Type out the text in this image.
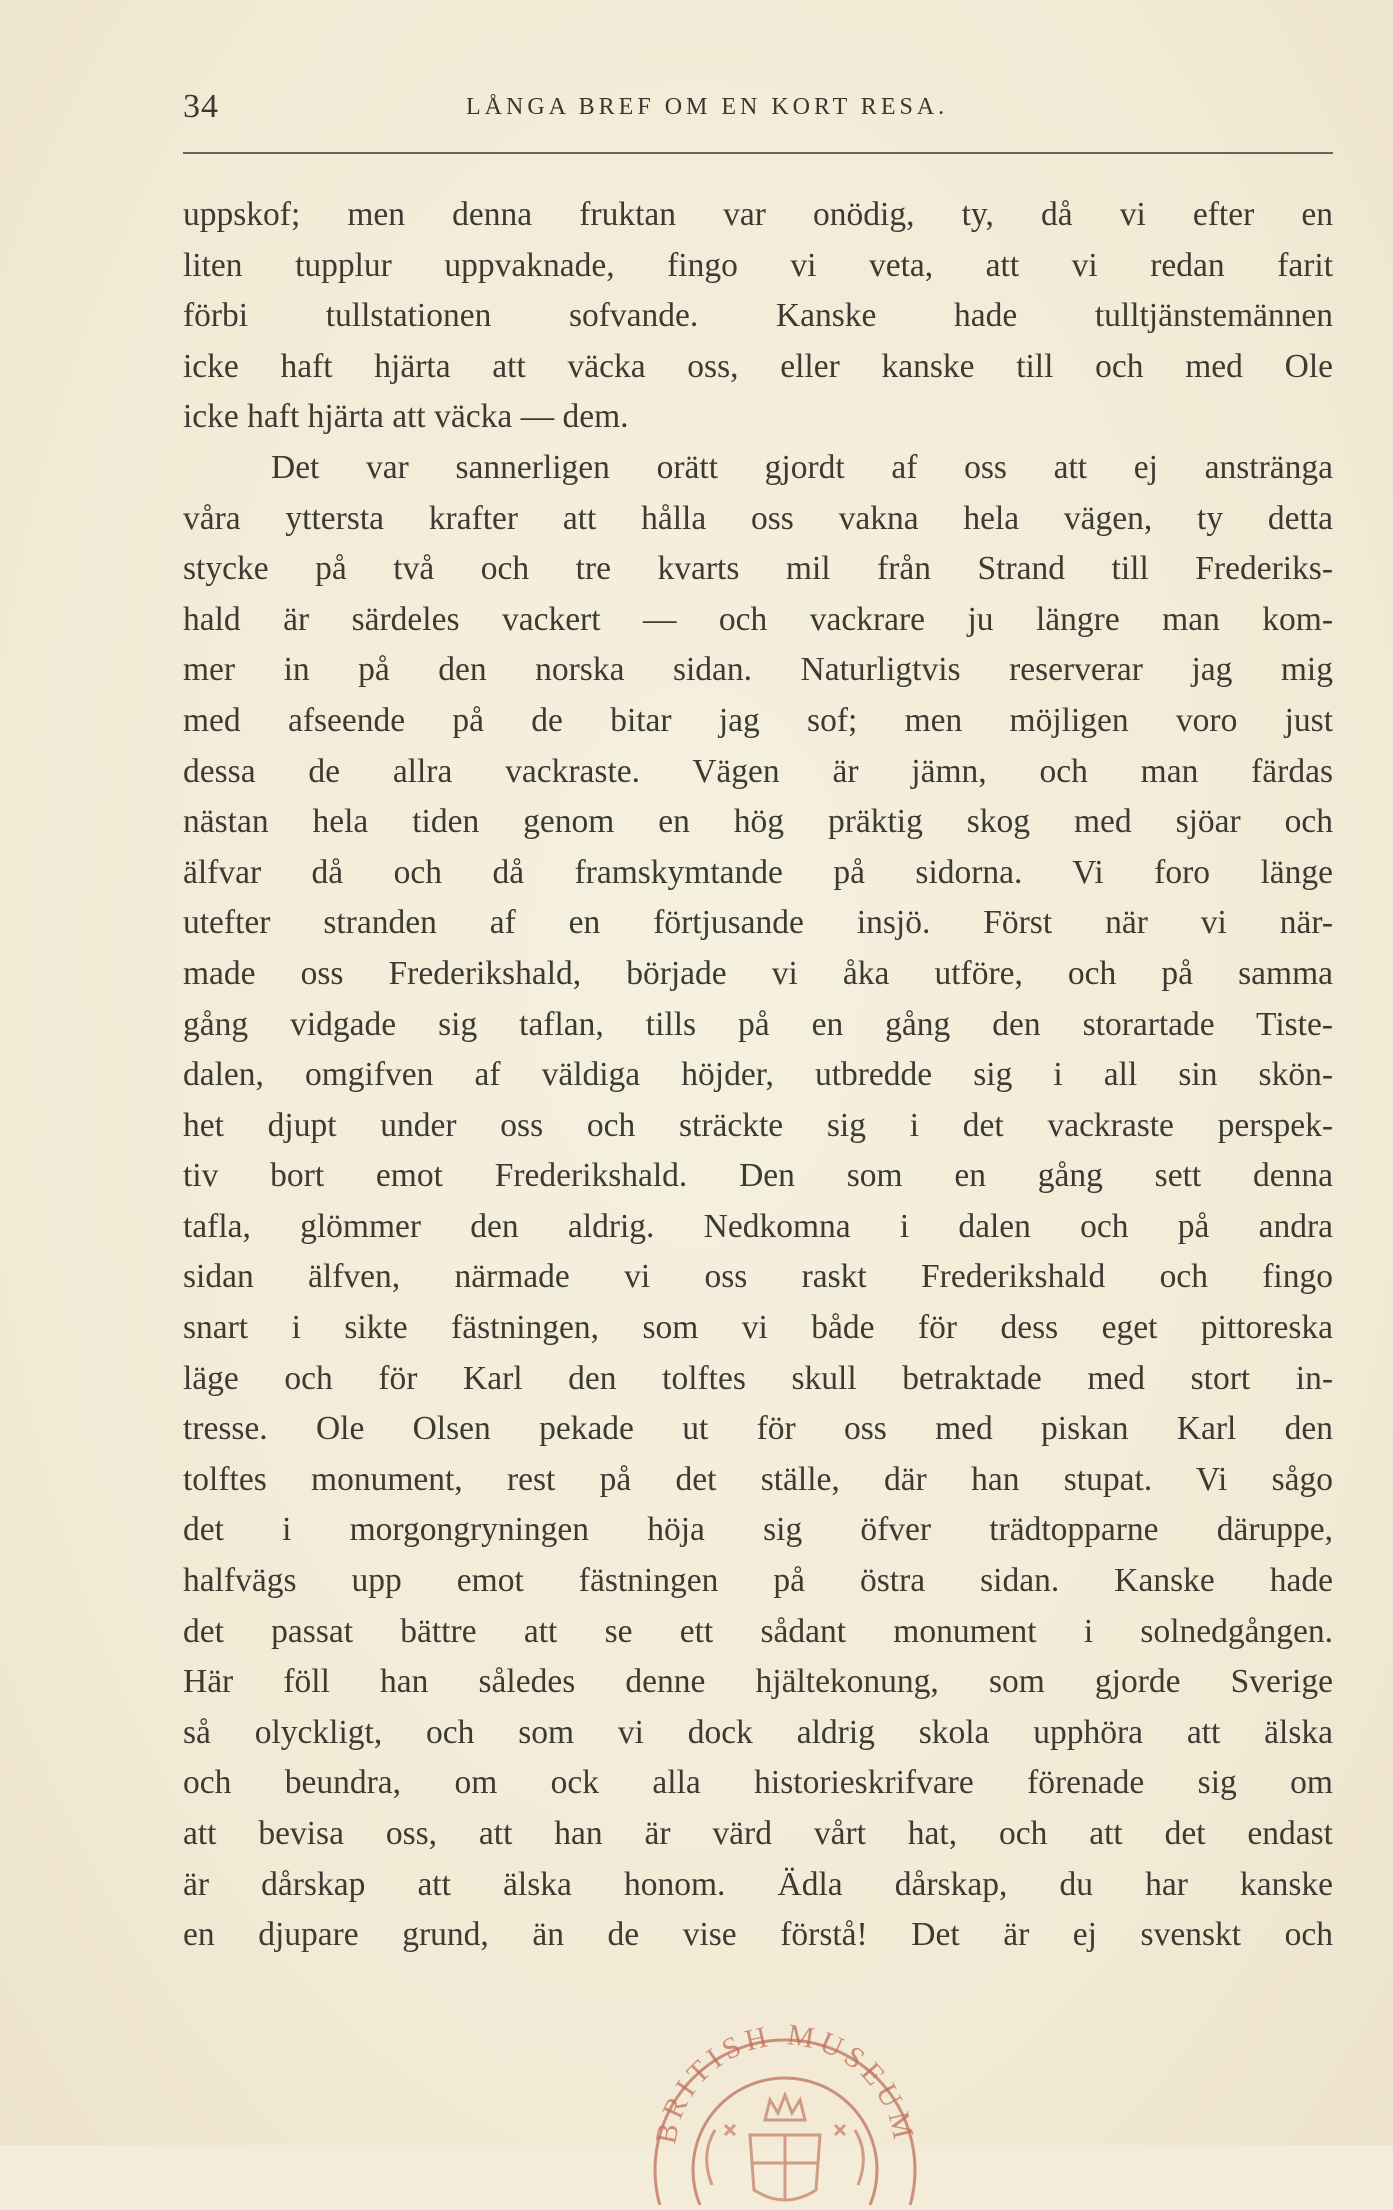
34	LÅNGA BREF OM EN KORT RESA.
uppskof; men denna fruktan var onödig, ty, då vi efter en
liten tupplur uppvaknade, fingo vi veta, att vi redan farit
förbi tullstationen sofvande. Kanske hade tulltjänstemännen
icke haft hjärta att väcka oss, eller kanske till och med Ole
icke haft hjärta att väcka — dem.
Det var sannerligen orätt gjordt af oss att ej anstränga
våra yttersta krafter att hålla oss vakna hela vägen, ty detta
stycke på två och tre kvarts mil från Strand till Frederiks-
hald är särdeles vackert — och vackrare ju längre man kom-
mer in på den norska sidan. Naturligtvis reserverar jag mig
med afseende på de bitar jag sof; men möjligen voro just
dessa de allra vackraste. Vägen är jämn, och man färdas
nästan hela tiden genom en hög präktig skog med sjöar och
älfvar då och då framskymtande på sidorna. Vi foro länge
utefter stranden af en förtjusande insjö. Först när vi när-
made oss Frederikshald, började vi åka utföre, och på samma
gång vidgade sig taflan, tills på en gång den storartade Tiste-
dalen, omgifven af väldiga höjder, utbredde sig i all sin skön-
het djupt under oss och sträckte sig i det vackraste perspek-
tiv bort emot Frederikshald. Den som en gång sett denna
tafla, glömmer den aldrig. Nedkomna i dalen och på andra
sidan älfven, närmade vi oss raskt Frederikshald och fingo
snart i sikte fästningen, som vi både för dess eget pittoreska
läge och för Karl den tolftes skull betraktade med stort in-
tresse. Ole Olsen pekade ut för oss med piskan Karl den
tolftes monument, rest på det ställe, där han stupat. Vi sågo
det i morgongryningen höja sig öfver trädtopparne däruppe,
halfvägs upp emot fästningen på östra sidan. Kanske hade
det passat bättre att se ett sådant monument i solnedgången.
Här föll han således denne hjältekonung, som gjorde Sverige
så olyckligt, och som vi dock aldrig skola upphöra att älska
och beundra, om ock alla historieskrifvare förenade sig om
att bevisa oss, att han är värd vårt hat, och att det endast
är dårskap att älska honom. Ädla dårskap, du har kanske
en djupare grund, än de vise förstå! Det är ej svenskt och
BRITISH MUSEUM
